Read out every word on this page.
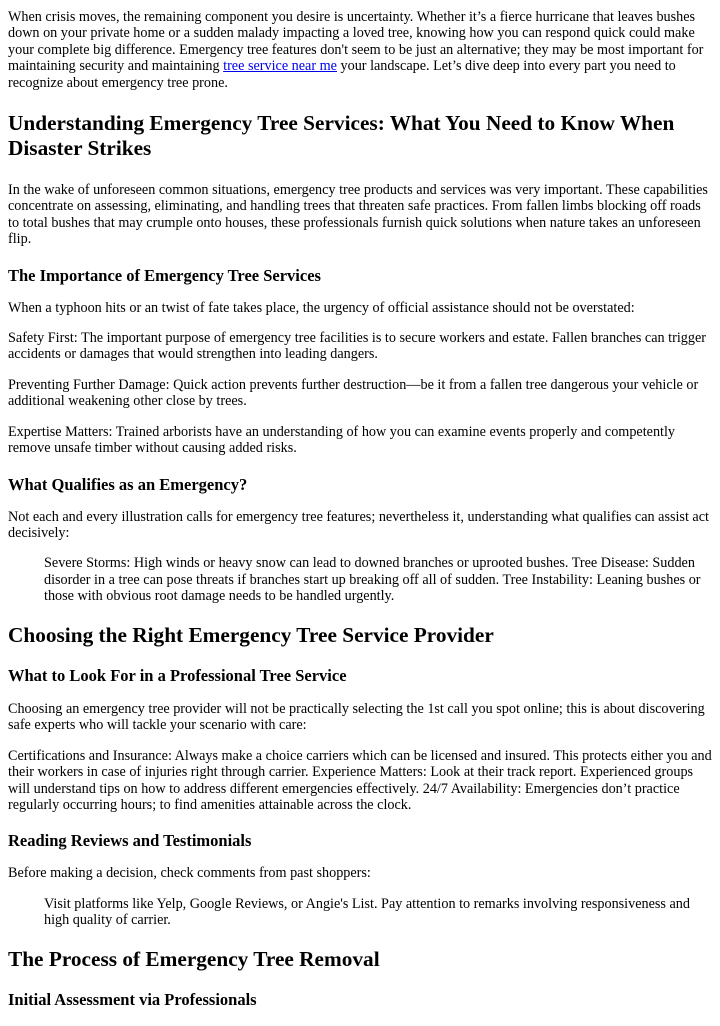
When crisis moves, the remaining component you desire is uncertainty. Whether it’s a fierce hurricane that leaves bushes down on your private home or a sudden malady impacting a loved tree, knowing how you can respond quick could make your complete big difference. Emergency tree features don't seem to be just an alternative; they may be most important for maintaining security and maintaining tree service near me your landscape. Let’s dive deep into every part you need to recognize about emergency tree prone.

Understanding Emergency Tree Services: What You Need to Know When Disaster Strikes

In the wake of unforeseen common situations, emergency tree products and services was very important. These capabilities concentrate on assessing, eliminating, and handling trees that threaten safe practices. From fallen limbs blocking off roads to total bushes that may crumple onto houses, these professionals furnish quick solutions when nature takes an unforeseen flip.

The Importance of Emergency Tree Services

When a typhoon hits or an twist of fate takes place, the urgency of official assistance should not be overstated:

Safety First: The important purpose of emergency tree facilities is to secure workers and estate. Fallen branches can trigger accidents or damages that would strengthen into leading dangers.

Preventing Further Damage: Quick action prevents further destruction—be it from a fallen tree dangerous your vehicle or additional weakening other close by trees.

Expertise Matters: Trained arborists have an understanding of how you can examine events properly and competently remove unsafe timber without causing added risks.

What Qualifies as an Emergency?

Not each and every illustration calls for emergency tree features; nevertheless it, understanding what qualifies can assist act decisively:

Severe Storms: High winds or heavy snow can lead to downed branches or uprooted bushes. Tree Disease: Sudden disorder in a tree can pose threats if branches start up breaking off all of sudden. Tree Instability: Leaning bushes or those with obvious root damage needs to be handled urgently.
Choosing the Right Emergency Tree Service Provider
What to Look For in a Professional Tree Service

Choosing an emergency tree provider will not be practically selecting the 1st call you spot online; this is about discovering safe experts who will tackle your scenario with care:

Certifications and Insurance: Always make a choice carriers which can be licensed and insured. This protects either you and their workers in case of injuries right through carrier. Experience Matters: Look at their track report. Experienced groups will understand tips on how to address different emergencies effectively. 24/7 Availability: Emergencies don’t practice regularly occurring hours; to find amenities attainable across the clock.

Reading Reviews and Testimonials

Before making a decision, check comments from past shoppers:

Visit platforms like Yelp, Google Reviews, or Angie's List. Pay attention to remarks involving responsiveness and high quality of carrier.
The Process of Emergency Tree Removal
Initial Assessment via Professionals
